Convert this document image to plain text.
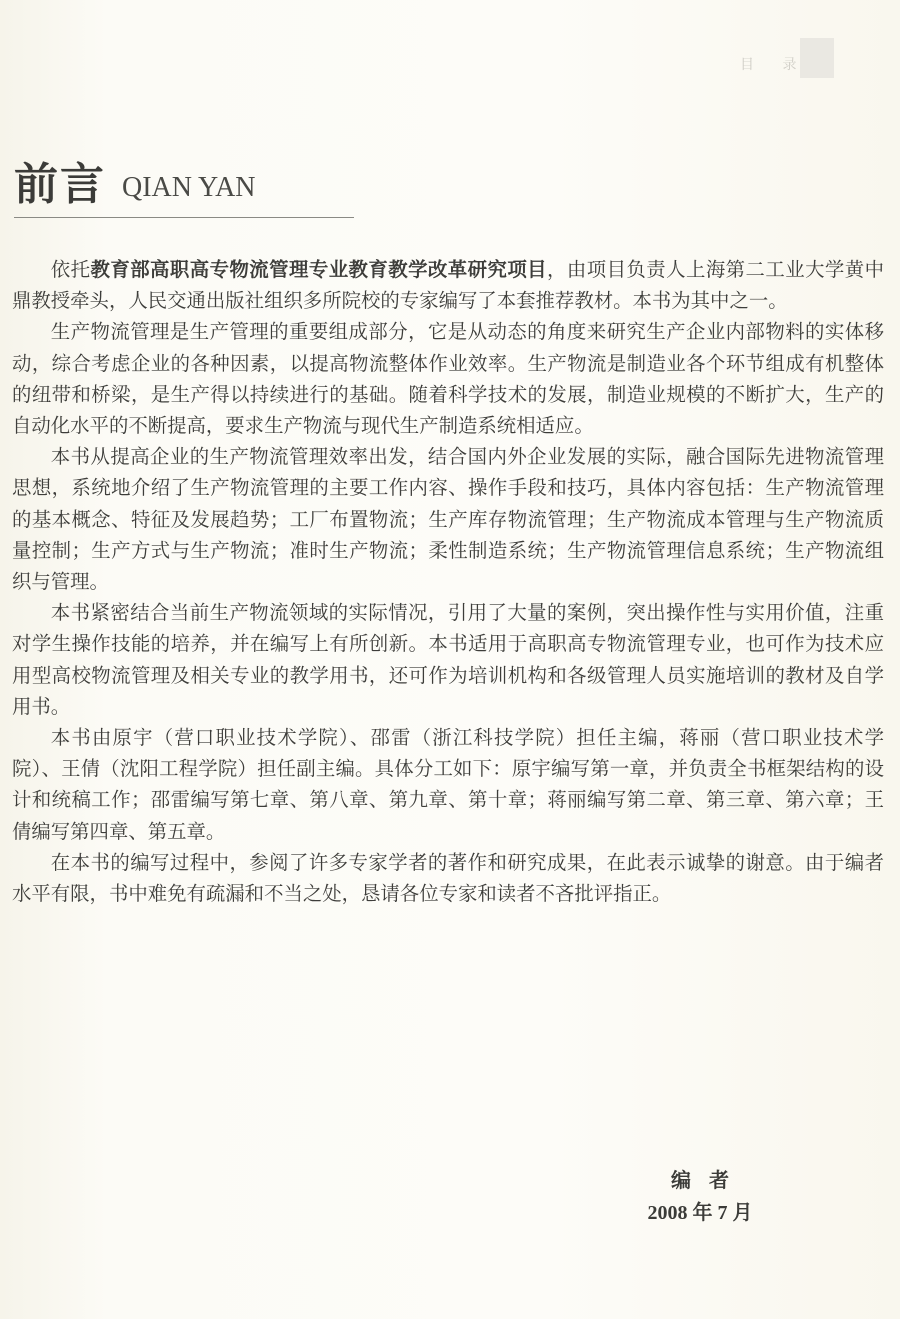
目 录
前言 QIAN YAN

依托教育部高职高专物流管理专业教育教学改革研究项目，由项目负责人上海第二工业大学黄中鼎教授牵头，人民交通出版社组织多所院校的专家编写了本套推荐教材。本书为其中之一。

生产物流管理是生产管理的重要组成部分，它是从动态的角度来研究生产企业内部物料的实体移动，综合考虑企业的各种因素，以提高物流整体作业效率。生产物流是制造业各个环节组成有机整体的纽带和桥梁，是生产得以持续进行的基础。随着科学技术的发展，制造业规模的不断扩大，生产的自动化水平的不断提高，要求生产物流与现代生产制造系统相适应。

本书从提高企业的生产物流管理效率出发，结合国内外企业发展的实际，融合国际先进物流管理思想，系统地介绍了生产物流管理的主要工作内容、操作手段和技巧，具体内容包括：生产物流管理的基本概念、特征及发展趋势；工厂布置物流；生产库存物流管理；生产物流成本管理与生产物流质量控制；生产方式与生产物流；准时生产物流；柔性制造系统；生产物流管理信息系统；生产物流组织与管理。

本书紧密结合当前生产物流领域的实际情况，引用了大量的案例，突出操作性与实用价值，注重对学生操作技能的培养，并在编写上有所创新。本书适用于高职高专物流管理专业，也可作为技术应用型高校物流管理及相关专业的教学用书，还可作为培训机构和各级管理人员实施培训的教材及自学用书。

本书由原宇（营口职业技术学院）、邵雷（浙江科技学院）担任主编，蒋丽（营口职业技术学院）、王倩（沈阳工程学院）担任副主编。具体分工如下：原宇编写第一章，并负责全书框架结构的设计和统稿工作；邵雷编写第七章、第八章、第九章、第十章；蒋丽编写第二章、第三章、第六章；王倩编写第四章、第五章。

在本书的编写过程中，参阅了许多专家学者的著作和研究成果，在此表示诚挚的谢意。由于编者水平有限，书中难免有疏漏和不当之处，恳请各位专家和读者不吝批评指正。

编者
2008 年 7 月
